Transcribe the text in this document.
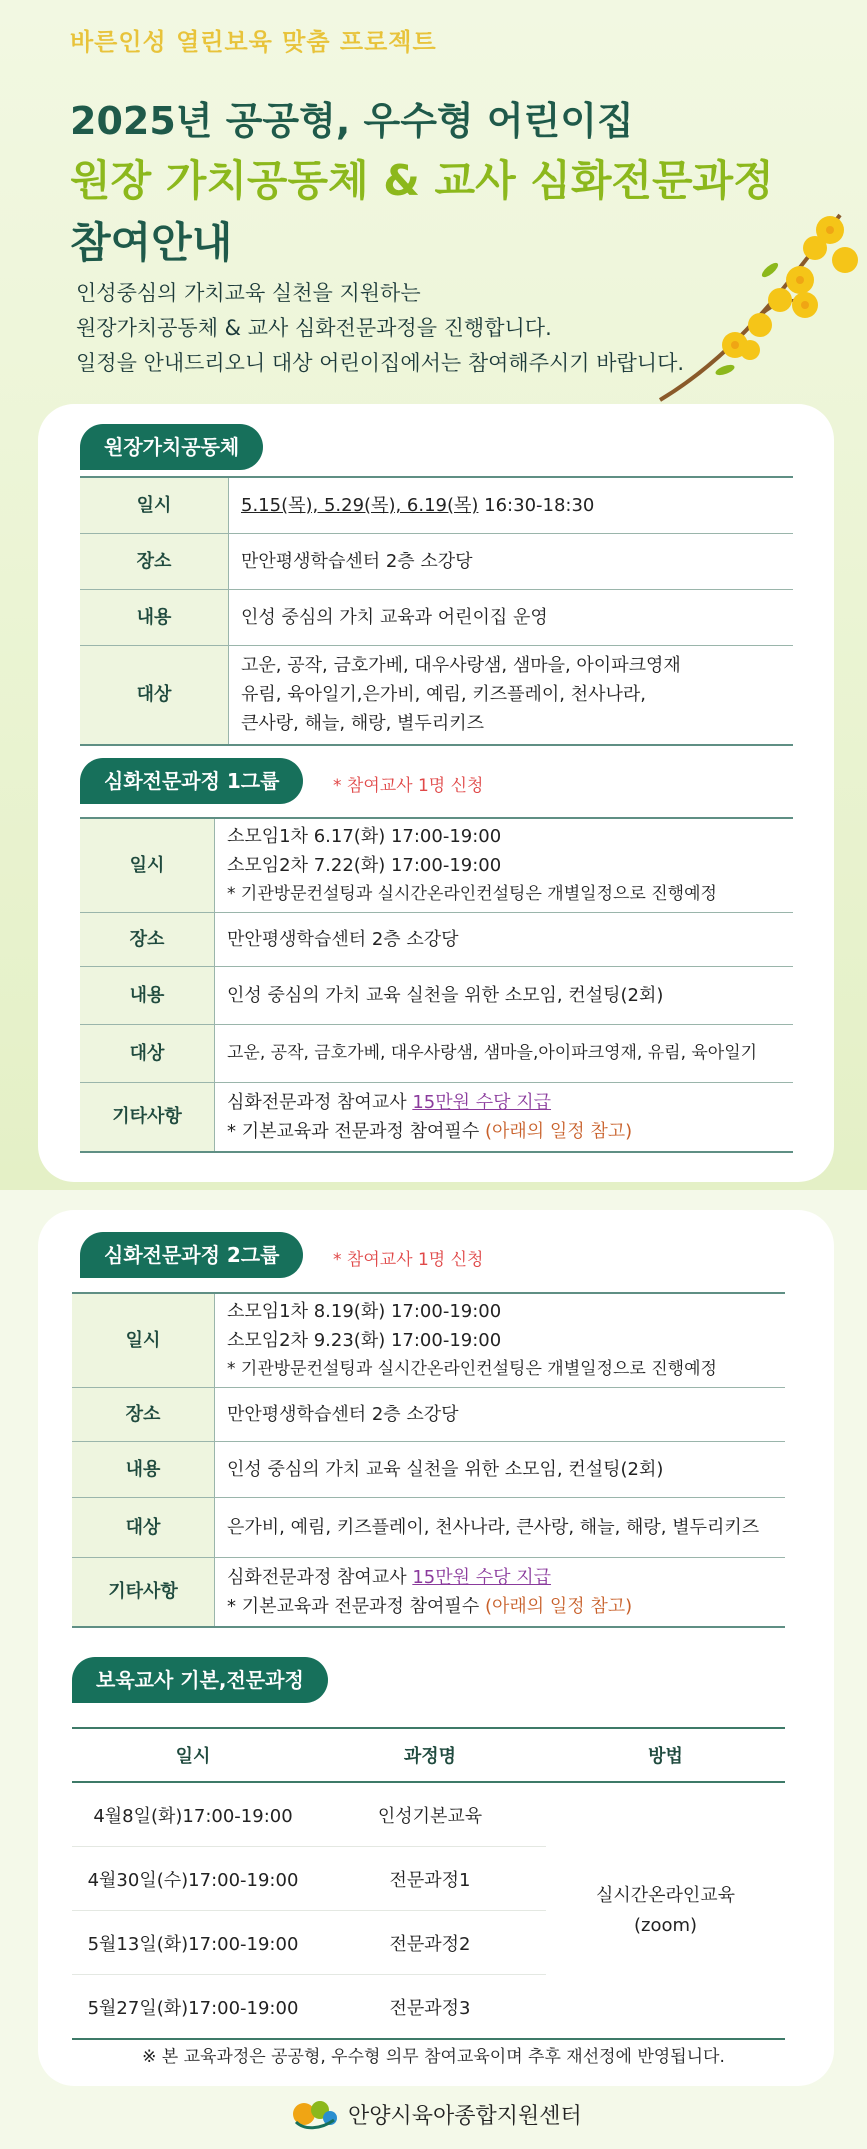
바른인성 열린보육 맞춤 프로젝트
2025년 공공형, 우수형 어린이집
원장 가치공동체 & 교사 심화전문과정
참여안내
인성중심의 가치교육 실천을 지원하는
원장가치공동체 & 교사 심화전문과정을 진행합니다.
일정을 안내드리오니 대상 어린이집에서는 참여해주시기 바랍니다.
원장가치공동체
일시	5.15(목), 5.29(목), 6.19(목) 16:30-18:30
장소	만안평생학습센터 2층 소강당
내용	인성 중심의 가치 교육과 어린이집 운영
대상	고운, 공작, 금호가베, 대우사랑샘, 샘마을, 아이파크영재
유림, 육아일기,은가비, 예림, 키즈플레이, 천사나라,
큰사랑, 해늘, 해랑, 별두리키즈
심화전문과정 1그룹	* 참여교사 1명 신청
일시	소모임1차 6.17(화) 17:00-19:00
소모임2차 7.22(화) 17:00-19:00
* 기관방문컨설팅과 실시간온라인컨설팅은 개별일정으로 진행예정

장소	만안평생학습센터 2층 소강당
내용	인성 중심의 가치 교육 실천을 위한 소모임, 컨설팅(2회)
대상	고운, 공작, 금호가베, 대우사랑샘, 샘마을,아이파크영재, 유림, 육아일기
기타사항	심화전문과정 참여교사 15만원 수당 지급
* 기본교육과 전문과정 참여필수 (아래의 일정 참고)
심화전문과정 2그룹	* 참여교사 1명 신청
일시	소모임1차 8.19(화) 17:00-19:00
소모임2차 9.23(화) 17:00-19:00
* 기관방문컨설팅과 실시간온라인컨설팅은 개별일정으로 진행예정

장소	만안평생학습센터 2층 소강당
내용	인성 중심의 가치 교육 실천을 위한 소모임, 컨설팅(2회)
대상	은가비, 예림, 키즈플레이, 천사나라, 큰사랑, 해늘, 해랑, 별두리키즈
기타사항	심화전문과정 참여교사 15만원 수당 지급
* 기본교육과 전문과정 참여필수 (아래의 일정 참고)
보육교사 기본,전문과정
일시	과정명	방법
4월8일(화)17:00-19:00	인성기본교육	실시간온라인교육
(zoom)

4월30일(수)17:00-19:00	전문과정1	
5월13일(화)17:00-19:00	전문과정2	
5월27일(화)17:00-19:00	전문과정3	
※ 본 교육과정은 공공형, 우수형 의무 참여교육이며 추후 재선정에 반영됩니다.
안양시육아종합지원센터
